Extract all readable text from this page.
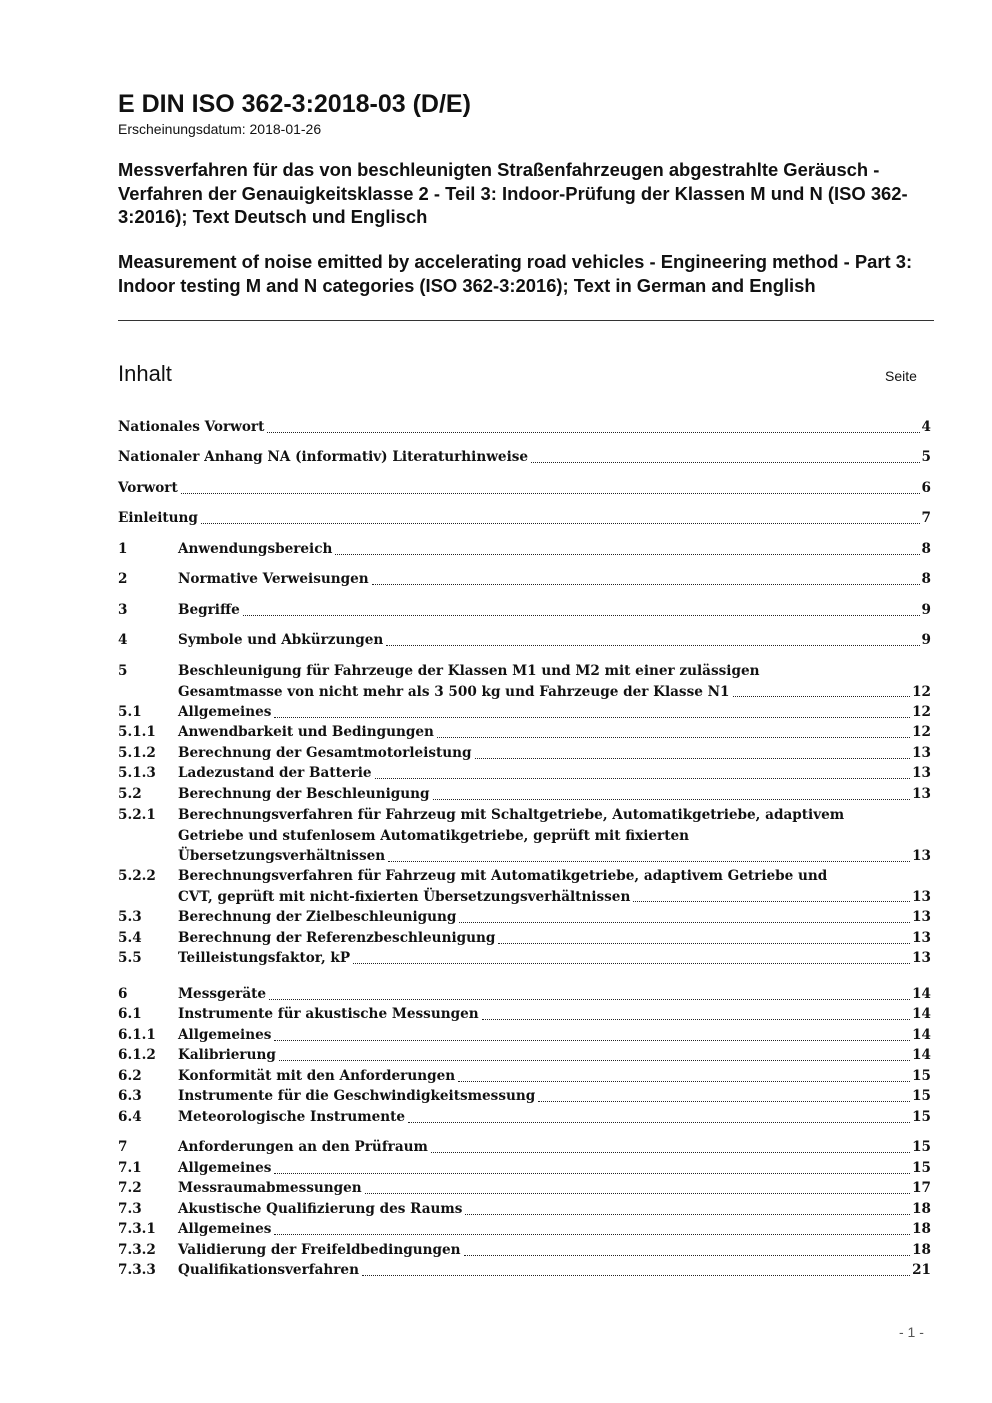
E DIN ISO 362-3:2018-03 (D/E)
Erscheinungsdatum: 2018-01-26
Messverfahren für das von beschleunigten Straßenfahrzeugen abgestrahlte Geräusch - Verfahren der Genauigkeitsklasse 2 - Teil 3: Indoor-Prüfung der Klassen M und N (ISO 362-3:2016); Text Deutsch und Englisch
Measurement of noise emitted by accelerating road vehicles - Engineering method - Part 3: Indoor testing M and N categories (ISO 362-3:2016); Text in German and English
Inhalt	Seite
Nationales Vorwort	4
Nationaler Anhang NA (informativ) Literaturhinweise	5
Vorwort	6
Einleitung	7
1	Anwendungsbereich	8
2	Normative Verweisungen	8
3	Begriffe	9
4	Symbole und Abkürzungen	9
5	Beschleunigung für Fahrzeuge der Klassen M1 und M2 mit einer zulässigen
Gesamtmasse von nicht mehr als 3 500 kg und Fahrzeuge der Klasse N1	12
5.1	Allgemeines	12
5.1.1 Anwendbarkeit und Bedingungen	12
5.1.2 Berechnung der Gesamtmotorleistung	13
5.1.3 Ladezustand der Batterie	13
5.2	Berechnung der Beschleunigung	13
5.2.1 Berechnungsverfahren für Fahrzeug mit Schaltgetriebe, Automatikgetriebe, adaptivem
Getriebe und stufenlosem Automatikgetriebe, geprüft mit fixierten
Übersetzungsverhältnissen	13
5.2.2 Berechnungsverfahren für Fahrzeug mit Automatikgetriebe, adaptivem Getriebe und
CVT, geprüft mit nicht-fixierten Übersetzungsverhältnissen	13
5.3	Berechnung der Zielbeschleunigung	13
5.4	Berechnung der Referenzbeschleunigung	13
5.5	Teilleistungsfaktor, kP	13
6	Messgeräte	14
6.1	Instrumente für akustische Messungen	14
6.1.1 Allgemeines	14
6.1.2 Kalibrierung	14
6.2	Konformität mit den Anforderungen	15
6.3	Instrumente für die Geschwindigkeitsmessung	15
6.4	Meteorologische Instrumente	15
7	Anforderungen an den Prüfraum	15
7.1	Allgemeines	15
7.2	Messraumabmessungen	17
7.3	Akustische Qualifizierung des Raums	18
7.3.1 Allgemeines	18
7.3.2 Validierung der Freifeldbedingungen	18
7.3.3 Qualifikationsverfahren	21
- 1 -
